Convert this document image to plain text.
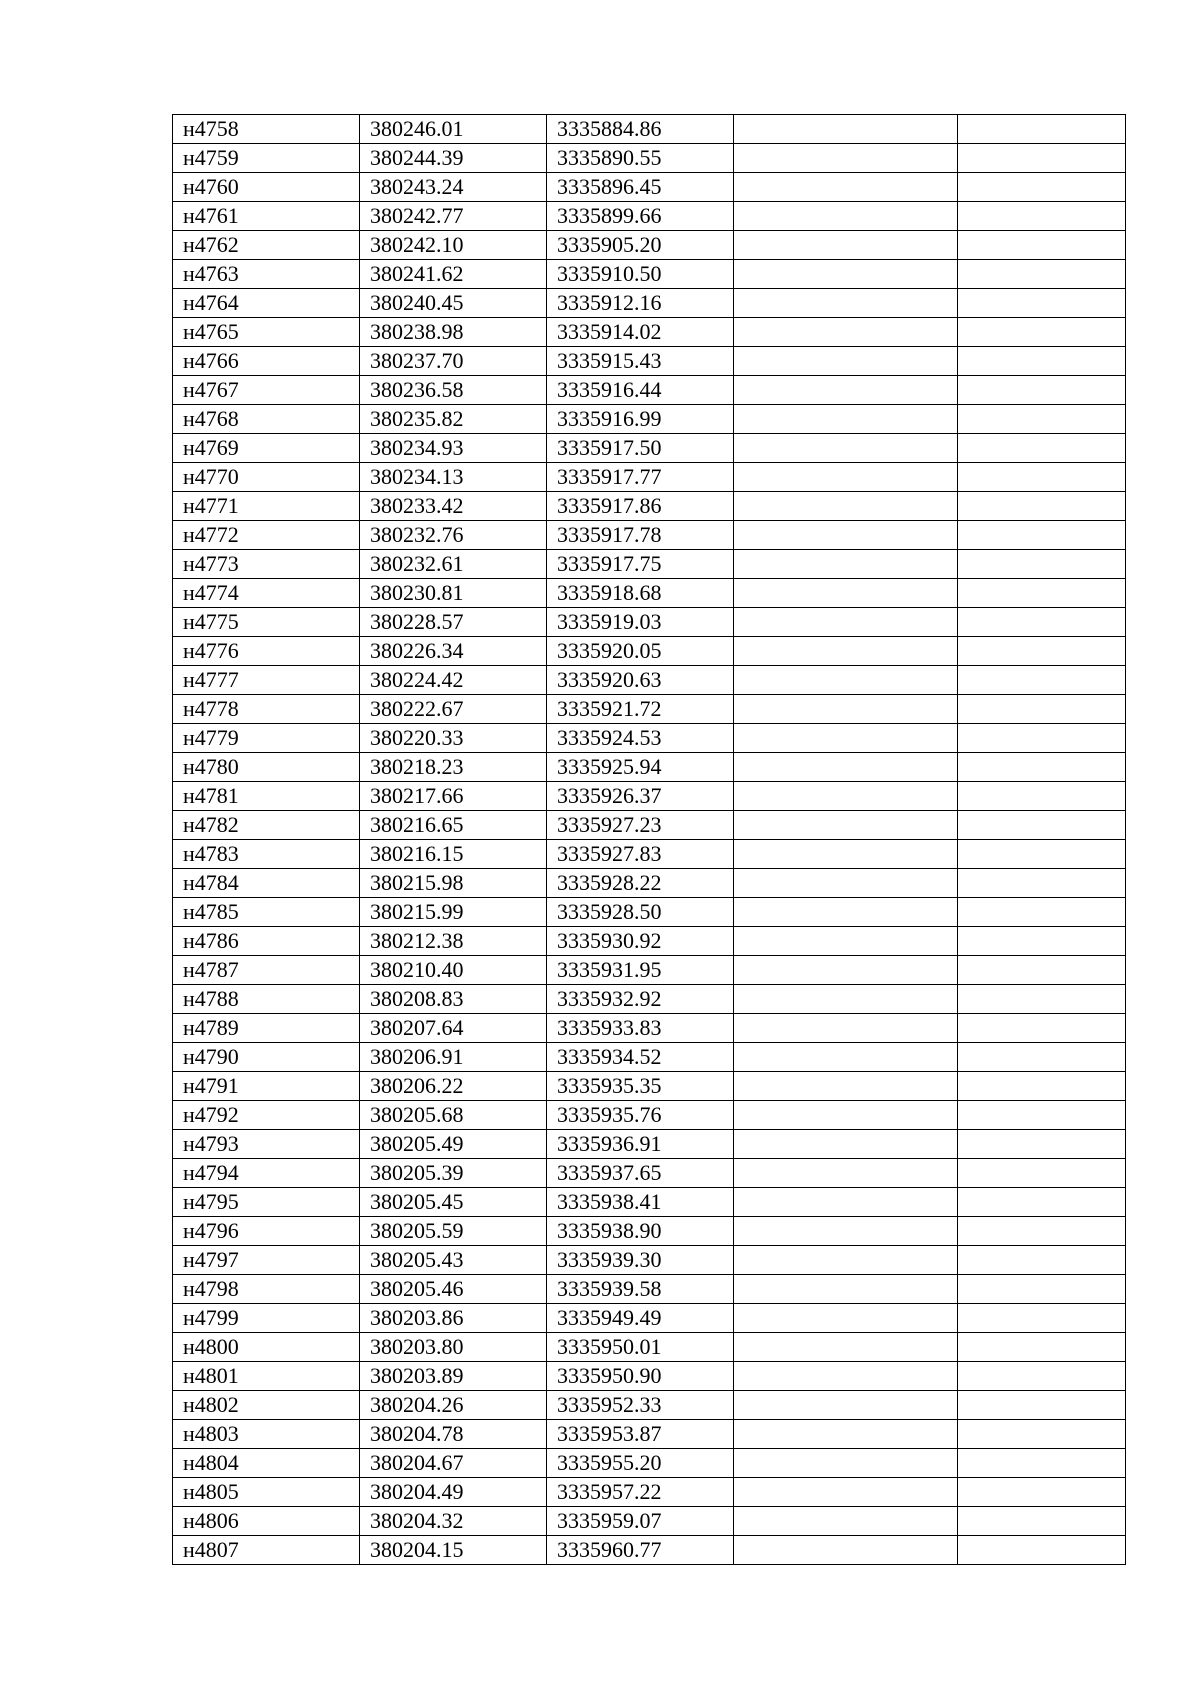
н4758	380246.01	3335884.86		
н4759	380244.39	3335890.55		
н4760	380243.24	3335896.45		
н4761	380242.77	3335899.66		
н4762	380242.10	3335905.20		
н4763	380241.62	3335910.50		
н4764	380240.45	3335912.16		
н4765	380238.98	3335914.02		
н4766	380237.70	3335915.43		
н4767	380236.58	3335916.44		
н4768	380235.82	3335916.99		
н4769	380234.93	3335917.50		
н4770	380234.13	3335917.77		
н4771	380233.42	3335917.86		
н4772	380232.76	3335917.78		
н4773	380232.61	3335917.75		
н4774	380230.81	3335918.68		
н4775	380228.57	3335919.03		
н4776	380226.34	3335920.05		
н4777	380224.42	3335920.63		
н4778	380222.67	3335921.72		
н4779	380220.33	3335924.53		
н4780	380218.23	3335925.94		
н4781	380217.66	3335926.37		
н4782	380216.65	3335927.23		
н4783	380216.15	3335927.83		
н4784	380215.98	3335928.22		
н4785	380215.99	3335928.50		
н4786	380212.38	3335930.92		
н4787	380210.40	3335931.95		
н4788	380208.83	3335932.92		
н4789	380207.64	3335933.83		
н4790	380206.91	3335934.52		
н4791	380206.22	3335935.35		
н4792	380205.68	3335935.76		
н4793	380205.49	3335936.91		
н4794	380205.39	3335937.65		
н4795	380205.45	3335938.41		
н4796	380205.59	3335938.90		
н4797	380205.43	3335939.30		
н4798	380205.46	3335939.58		
н4799	380203.86	3335949.49		
н4800	380203.80	3335950.01		
н4801	380203.89	3335950.90		
н4802	380204.26	3335952.33		
н4803	380204.78	3335953.87		
н4804	380204.67	3335955.20		
н4805	380204.49	3335957.22		
н4806	380204.32	3335959.07		
н4807	380204.15	3335960.77		
